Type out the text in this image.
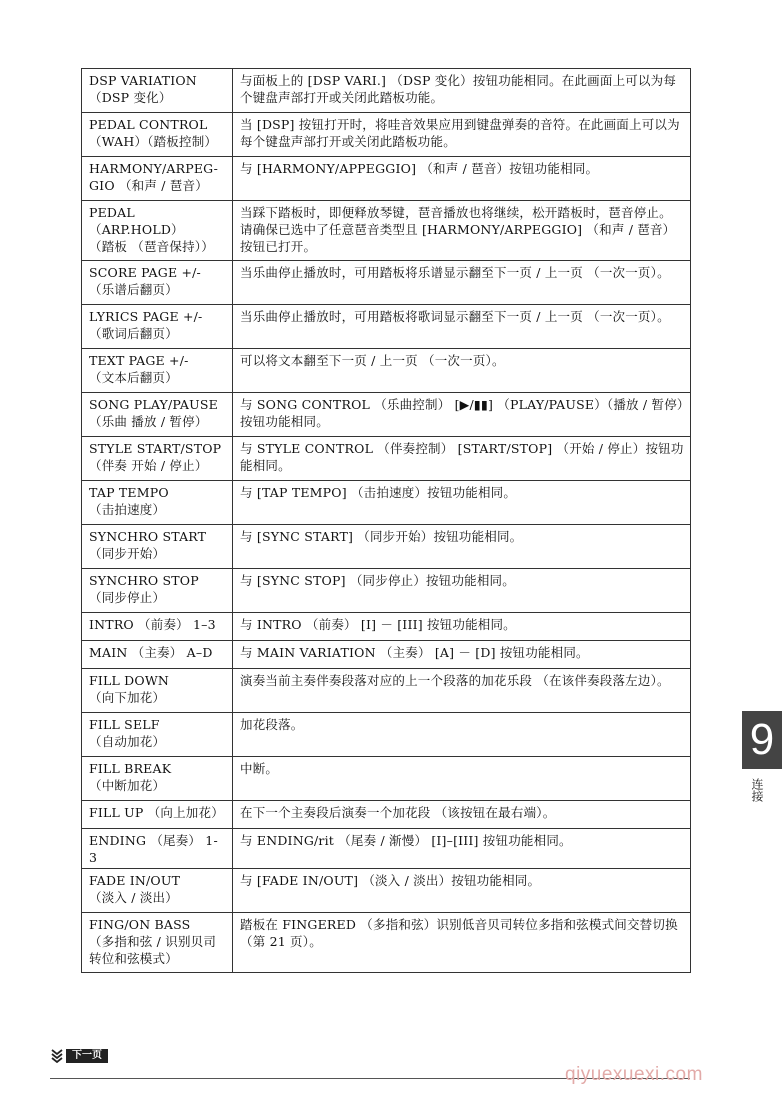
DSP VARIATION
（DSP 变化）	与面板上的 [DSP VARI.] （DSP 变化）按钮功能相同。在此画面上可以为每个键盘声部打开或关闭此踏板功能。

PEDAL CONTROL
（WAH）（踏板控制）	当 [DSP] 按钮打开时，将哇音效果应用到键盘弹奏的音符。在此画面上可以为每个键盘声部打开或关闭此踏板功能。

HARMONY/ARPEG-
GIO （和声 / 琶音）	与 [HARMONY/APPEGGIO] （和声 / 琶音）按钮功能相同。

PEDAL
（ARP.HOLD）
（踏板 （琶音保持））	当踩下踏板时，即便释放琴键，琶音播放也将继续，松开踏板时，琶音停止。请确保已选中了任意琶音类型且 [HARMONY/ARPEGGIO] （和声 / 琶音）按钮已打开。

SCORE PAGE +/-
（乐谱后翻页）	当乐曲停止播放时，可用踏板将乐谱显示翻至下一页 / 上一页 （一次一页）。

LYRICS PAGE +/-
（歌词后翻页）	当乐曲停止播放时，可用踏板将歌词显示翻至下一页 / 上一页 （一次一页）。

TEXT PAGE +/-
（文本后翻页）	可以将文本翻至下一页 / 上一页 （一次一页）。

SONG PLAY/PAUSE
（乐曲 播放 / 暂停）	与 SONG CONTROL （乐曲控制） [▶/▮▮] （PLAY/PAUSE）（播放 / 暂停）按钮功能相同。

STYLE START/STOP
（伴奏 开始 / 停止）	与 STYLE CONTROL （伴奏控制） [START/STOP] （开始 / 停止）按钮功能相同。

TAP TEMPO
（击拍速度）	与 [TAP TEMPO] （击拍速度）按钮功能相同。

SYNCHRO START
（同步开始）	与 [SYNC START] （同步开始）按钮功能相同。

SYNCHRO STOP
（同步停止）	与 [SYNC STOP] （同步停止）按钮功能相同。

INTRO （前奏） 1–3	与 INTRO （前奏） [I] － [III] 按钮功能相同。

MAIN （主奏） A–D	与 MAIN VARIATION （主奏） [A] － [D] 按钮功能相同。

FILL DOWN
（向下加花）	演奏当前主奏伴奏段落对应的上一个段落的加花乐段 （在该伴奏段落左边）。

FILL SELF
（自动加花）	加花段落。

FILL BREAK
（中断加花）	中断。

FILL UP （向上加花）	在下一个主奏段后演奏一个加花段 （该按钮在最右端）。

ENDING （尾奏） 1-3	与 ENDING/rit （尾奏 / 渐慢） [I]–[III] 按钮功能相同。

FADE IN/OUT
（淡入 / 淡出）	与 [FADE IN/OUT] （淡入 / 淡出）按钮功能相同。

FING/ON BASS
（多指和弦 / 识别贝司转位和弦模式）	踏板在 FINGERED （多指和弦）识别低音贝司转位多指和弦模式间交替切换 （第 21 页）。
9
连接
下一页
qiyuexuexi.com
